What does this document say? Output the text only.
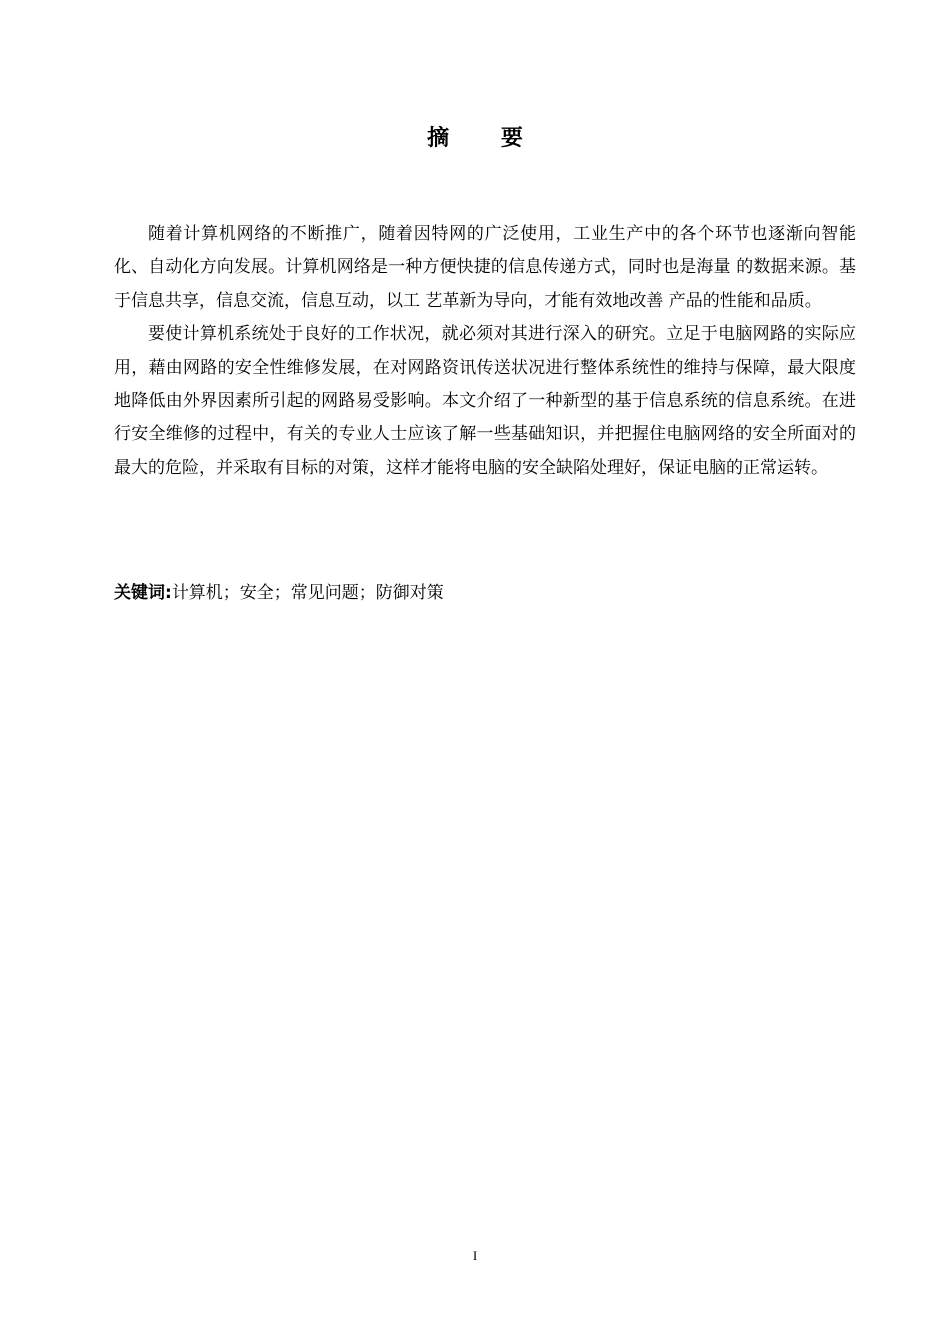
摘 要

随着计算机网络的不断推广，随着因特网的广泛使用，工业生产中的各个环节也逐渐向智能化、自动化方向发展。计算机网络是一种方便快捷的信息传递方式，同时也是海量 的数据来源。基于信息共享，信息交流，信息互动，以工 艺革新为导向，才能有效地改善 产品的性能和品质。

要使计算机系统处于良好的工作状况，就必须对其进行深入的研究。立足于电脑网路的实际应用，藉由网路的安全性维修发展，在对网路资讯传送状况进行整体系统性的维持与保障，最大限度地降低由外界因素所引起的网路易受影响。本文介绍了一种新型的基于信息系统的信息系统。在进行安全维修的过程中，有关的专业人士应该了解一些基础知识，并把握住电脑网络的安全所面对的最大的危险，并采取有目标的对策，这样才能将电脑的安全缺陷处理好，保证电脑的正常运转。

关键词:计算机；安全；常见问题；防御对策
I
